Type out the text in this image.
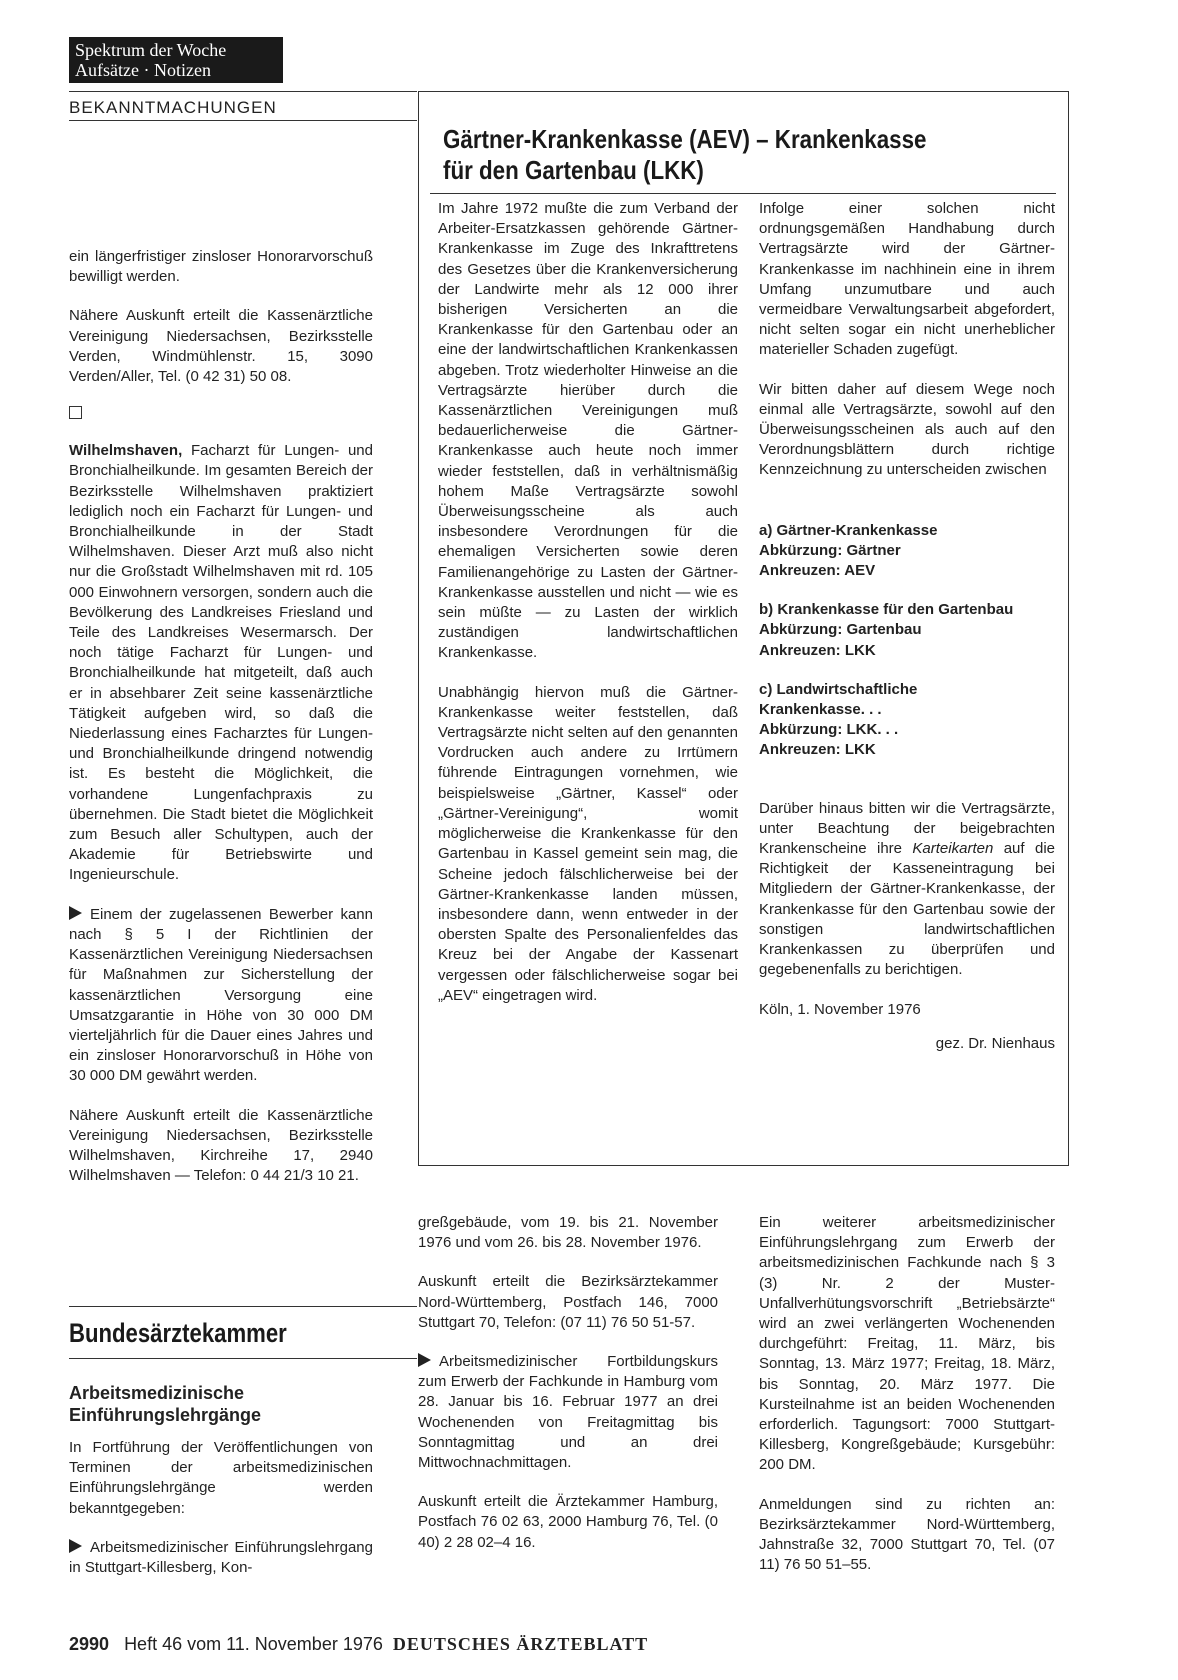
Spektrum der Woche
Aufsätze · Notizen
BEKANNTMACHUNGEN

ein längerfristiger zinsloser Honorarvorschuß bewilligt werden.

Nähere Auskunft erteilt die Kassenärztliche Vereinigung Niedersachsen, Bezirksstelle Verden, Windmühlenstr. 15, 3090 Verden/Aller, Tel. (0 42 31) 50 08.

Wilhelmshaven, Facharzt für Lungen- und Bronchialheilkunde. Im gesamten Bereich der Bezirksstelle Wilhelmshaven praktiziert lediglich noch ein Facharzt für Lungen- und Bronchialheilkunde in der Stadt Wilhelmshaven. Dieser Arzt muß also nicht nur die Großstadt Wilhelmshaven mit rd. 105 000 Einwohnern versorgen, sondern auch die Bevölkerung des Landkreises Friesland und Teile des Landkreises Wesermarsch. Der noch tätige Facharzt für Lungen- und Bronchialheilkunde hat mitgeteilt, daß auch er in absehbarer Zeit seine kassenärztliche Tätigkeit aufgeben wird, so daß die Niederlassung eines Facharztes für Lungen- und Bronchialheilkunde dringend notwendig ist. Es besteht die Möglichkeit, die vorhandene Lungenfachpraxis zu übernehmen. Die Stadt bietet die Möglichkeit zum Besuch aller Schultypen, auch der Akademie für Betriebswirte und Ingenieurschule.

Einem der zugelassenen Bewerber kann nach § 5 I der Richtlinien der Kassenärztlichen Vereinigung Niedersachsen für Maßnahmen zur Sicherstellung der kassenärztlichen Versorgung eine Umsatzgarantie in Höhe von 30 000 DM vierteljährlich für die Dauer eines Jahres und ein zinsloser Honorarvorschuß in Höhe von 30 000 DM gewährt werden.

Nähere Auskunft erteilt die Kassenärztliche Vereinigung Niedersachsen, Bezirksstelle Wilhelmshaven, Kirchreihe 17, 2940 Wilhelmshaven — Telefon: 0 44 21/3 10 21.

Gärtner-Krankenkasse (AEV) – Krankenkasse für den Gartenbau (LKK)

Im Jahre 1972 mußte die zum Verband der Arbeiter-Ersatzkassen gehörende Gärtner-Krankenkasse im Zuge des Inkrafttretens des Gesetzes über die Krankenversicherung der Landwirte mehr als 12 000 ihrer bisherigen Versicherten an die Krankenkasse für den Gartenbau oder an eine der landwirtschaftlichen Krankenkassen abgeben. Trotz wiederholter Hinweise an die Vertragsärzte hierüber durch die Kassenärztlichen Vereinigungen muß bedauerlicherweise die Gärtner-Krankenkasse auch heute noch immer wieder feststellen, daß in verhältnismäßig hohem Maße Vertragsärzte sowohl Überweisungsscheine als auch insbesondere Verordnungen für die ehemaligen Versicherten sowie deren Familienangehörige zu Lasten der Gärtner-Krankenkasse ausstellen und nicht — wie es sein müßte — zu Lasten der wirklich zuständigen landwirtschaftlichen Krankenkasse.

Unabhängig hiervon muß die Gärtner-Krankenkasse weiter feststellen, daß Vertragsärzte nicht selten auf den genannten Vordrucken auch andere zu Irrtümern führende Eintragungen vornehmen, wie beispielsweise „Gärtner, Kassel“ oder „Gärtner-Vereinigung“, womit möglicherweise die Krankenkasse für den Gartenbau in Kassel gemeint sein mag, die Scheine jedoch fälschlicherweise bei der Gärtner-Krankenkasse landen müssen, insbesondere dann, wenn entweder in der obersten Spalte des Personalienfeldes das Kreuz bei der Angabe der Kassenart vergessen oder fälschlicherweise sogar bei „AEV“ eingetragen wird.

Infolge einer solchen nicht ordnungsgemäßen Handhabung durch Vertragsärzte wird der Gärtner-Krankenkasse im nachhinein eine in ihrem Umfang unzumutbare und auch vermeidbare Verwaltungsarbeit abgefordert, nicht selten sogar ein nicht unerheblicher materieller Schaden zugefügt.

Wir bitten daher auf diesem Wege noch einmal alle Vertragsärzte, sowohl auf den Überweisungsscheinen als auch auf den Verordnungsblättern durch richtige Kennzeichnung zu unterscheiden zwischen

a) Gärtner-Krankenkasse
Abkürzung: Gärtner
Ankreuzen: AEV
b) Krankenkasse für den Gartenbau
Abkürzung: Gartenbau
Ankreuzen: LKK
c) Landwirtschaftliche
Krankenkasse. . .
Abkürzung: LKK. . .
Ankreuzen: LKK

Darüber hinaus bitten wir die Vertragsärzte, unter Beachtung der beigebrachten Krankenscheine ihre Karteikarten auf die Richtigkeit der Kasseneintragung bei Mitgliedern der Gärtner-Krankenkasse, der Krankenkasse für den Gartenbau sowie der sonstigen landwirtschaftlichen Krankenkassen zu überprüfen und gegebenenfalls zu berichtigen.

Köln, 1. November 1976

gez. Dr. Nienhaus

Bundesärztekammer
Arbeitsmedizinische Einführungslehrgänge

In Fortführung der Veröffentlichungen von Terminen der arbeitsmedizinischen Einführungslehrgänge werden bekanntgegeben:

Arbeitsmedizinischer Einführungslehrgang in Stuttgart-Killesberg, Kon-

greßgebäude, vom 19. bis 21. November 1976 und vom 26. bis 28. November 1976.

Auskunft erteilt die Bezirksärztekammer Nord-Württemberg, Postfach 146, 7000 Stuttgart 70, Telefon: (07 11) 76 50 51-57.

Arbeitsmedizinischer Fortbildungskurs zum Erwerb der Fachkunde in Hamburg vom 28. Januar bis 16. Februar 1977 an drei Wochenenden von Freitagmittag bis Sonntagmittag und an drei Mittwochnachmittagen.

Auskunft erteilt die Ärztekammer Hamburg, Postfach 76 02 63, 2000 Hamburg 76, Tel. (0 40) 2 28 02–4 16.

Ein weiterer arbeitsmedizinischer Einführungslehrgang zum Erwerb der arbeitsmedizinischen Fachkunde nach § 3 (3) Nr. 2 der Muster-Unfallverhütungsvorschrift „Betriebsärzte“ wird an zwei verlängerten Wochenenden durchgeführt: Freitag, 11. März, bis Sonntag, 13. März 1977; Freitag, 18. März, bis Sonntag, 20. März 1977. Die Kursteilnahme ist an beiden Wochenenden erforderlich. Tagungsort: 7000 Stuttgart-Killesberg, Kongreßgebäude; Kursgebühr: 200 DM.

Anmeldungen sind zu richten an: Bezirksärztekammer Nord-Württemberg, Jahnstraße 32, 7000 Stuttgart 70, Tel. (07 11) 76 50 51–55.

2990 Heft 46 vom 11. November 1976 DEUTSCHES ÄRZTEBLATT
